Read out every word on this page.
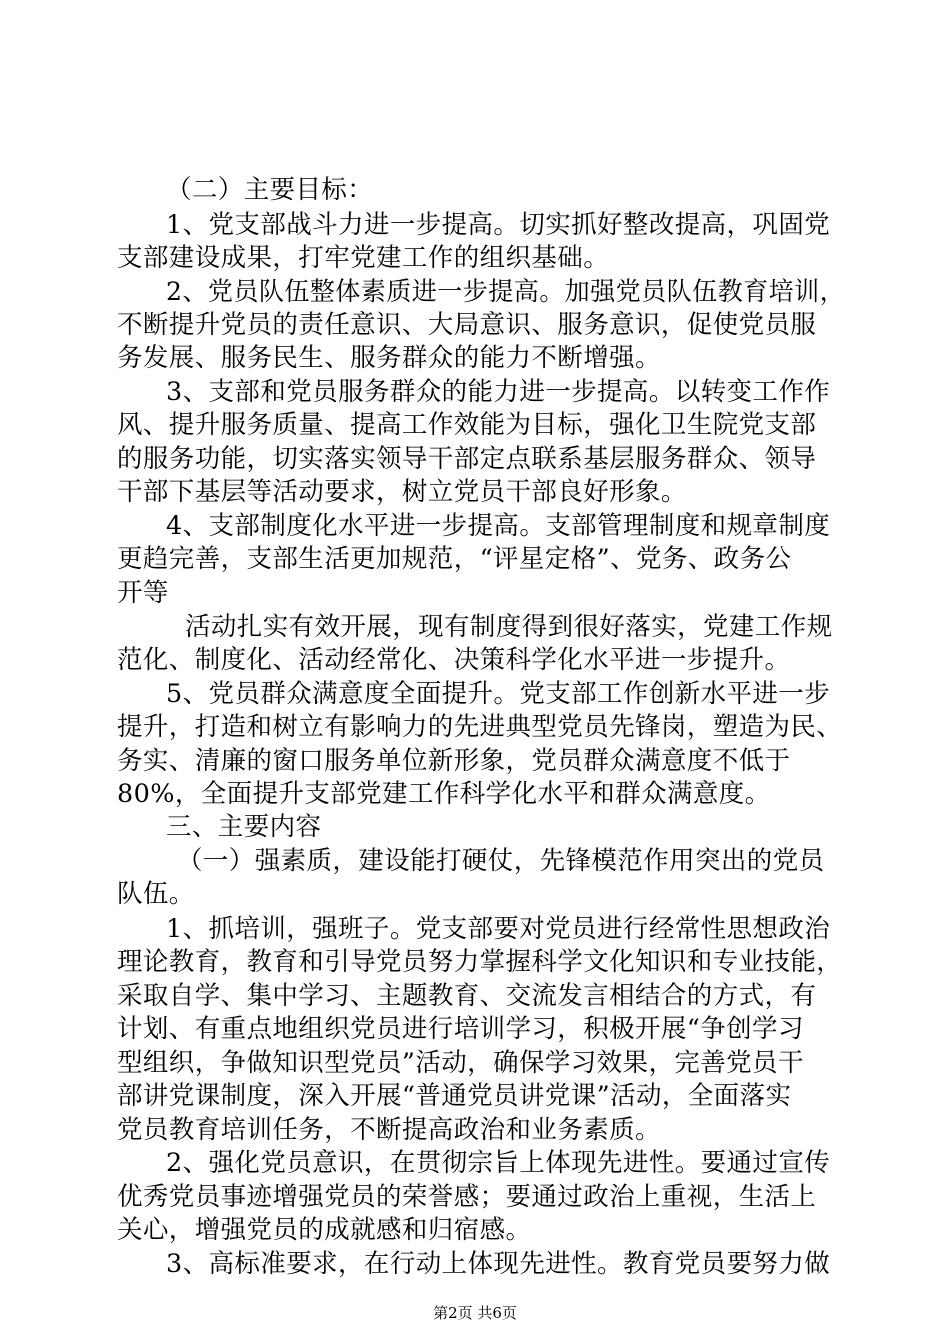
（二）主要目标：
1、党支部战斗力进一步提高。切实抓好整改提高，巩固党
支部建设成果，打牢党建工作的组织基础。
2、党员队伍整体素质进一步提高。加强党员队伍教育培训，
不断提升党员的责任意识、大局意识、服务意识，促使党员服
务发展、服务民生、服务群众的能力不断增强。
3、支部和党员服务群众的能力进一步提高。以转变工作作
风、提升服务质量、提高工作效能为目标，强化卫生院党支部
的服务功能，切实落实领导干部定点联系基层服务群众、领导
干部下基层等活动要求，树立党员干部良好形象。
4、支部制度化水平进一步提高。支部管理制度和规章制度
更趋完善，支部生活更加规范，“评星定格”、党务、政务公
开等
活动扎实有效开展，现有制度得到很好落实，党建工作规
范化、制度化、活动经常化、决策科学化水平进一步提升。
5、党员群众满意度全面提升。党支部工作创新水平进一步
提升，打造和树立有影响力的先进典型党员先锋岗，塑造为民、
务实、清廉的窗口服务单位新形象，党员群众满意度不低于
80%，全面提升支部党建工作科学化水平和群众满意度。
三、主要内容
（一）强素质，建设能打硬仗，先锋模范作用突出的党员
队伍。
1、抓培训，强班子。党支部要对党员进行经常性思想政治
理论教育，教育和引导党员努力掌握科学文化知识和专业技能，
采取自学、集中学习、主题教育、交流发言相结合的方式，有
计划、有重点地组织党员进行培训学习，积极开展“争创学习
型组织，争做知识型党员”活动，确保学习效果，完善党员干
部讲党课制度，深入开展“普通党员讲党课”活动，全面落实
党员教育培训任务，不断提高政治和业务素质。
2、强化党员意识，在贯彻宗旨上体现先进性。要通过宣传
优秀党员事迹增强党员的荣誉感；要通过政治上重视，生活上
关心，增强党员的成就感和归宿感。
3、高标准要求，在行动上体现先进性。教育党员要努力做
第2页 共6页
